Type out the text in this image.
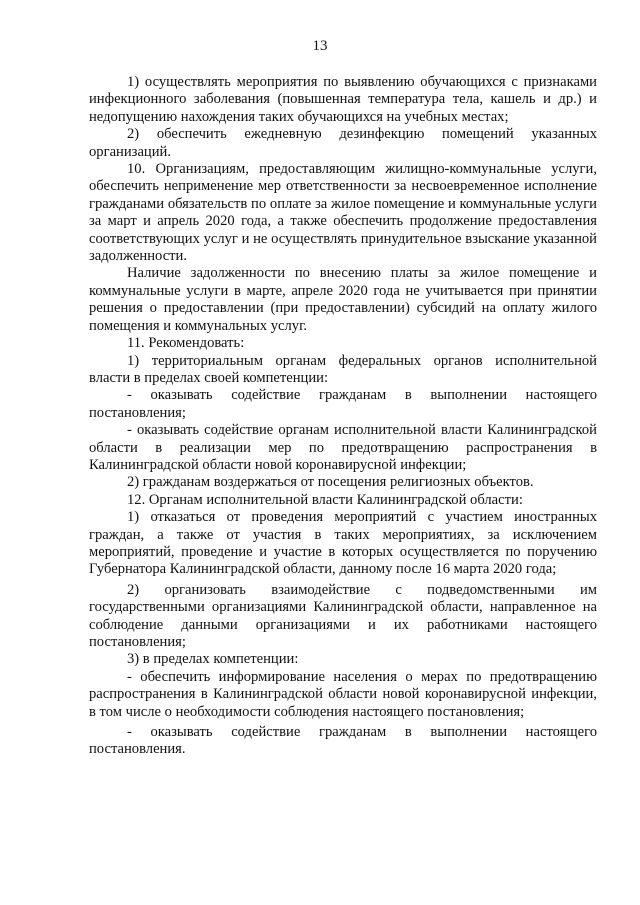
13

1) осуществлять мероприятия по выявлению обучающихся с признаками инфекционного заболевания (повышенная температура тела, кашель и др.) и недопущению нахождения таких обучающихся на учебных местах;

2) обеспечить ежедневную дезинфекцию помещений указанных организаций.

10. Организациям, предоставляющим жилищно-коммунальные услуги, обеспечить неприменение мер ответственности за несвоевременное исполнение гражданами обязательств по оплате за жилое помещение и коммунальные услуги за март и апрель 2020 года, а также обеспечить продолжение предоставления соответствующих услуг и не осуществлять принудительное взыскание указанной задолженности.

Наличие задолженности по внесению платы за жилое помещение и коммунальные услуги в марте, апреле 2020 года не учитывается при принятии решения о предоставлении (при предоставлении) субсидий на оплату жилого помещения и коммунальных услуг.

11. Рекомендовать:

1) территориальным органам федеральных органов исполнительной власти в пределах своей компетенции:

- оказывать содействие гражданам в выполнении настоящего постановления;

- оказывать содействие органам исполнительной власти Калининградской области в реализации мер по предотвращению распространения в Калининградской области новой коронавирусной инфекции;

2) гражданам воздержаться от посещения религиозных объектов.

12. Органам исполнительной власти Калининградской области:

1) отказаться от проведения мероприятий с участием иностранных граждан, а также от участия в таких мероприятиях, за исключением мероприятий, проведение и участие в которых осуществляется по поручению Губернатора Калининградской области, данному после 16 марта 2020 года;

2) организовать взаимодействие с подведомственными им государственными организациями Калининградской области, направленное на соблюдение данными организациями и их работниками настоящего постановления;

3) в пределах компетенции:

- обеспечить информирование населения о мерах по предотвращению распространения в Калининградской области новой коронавирусной инфекции, в том числе о необходимости соблюдения настоящего постановления;

- оказывать содействие гражданам в выполнении настоящего постановления.
